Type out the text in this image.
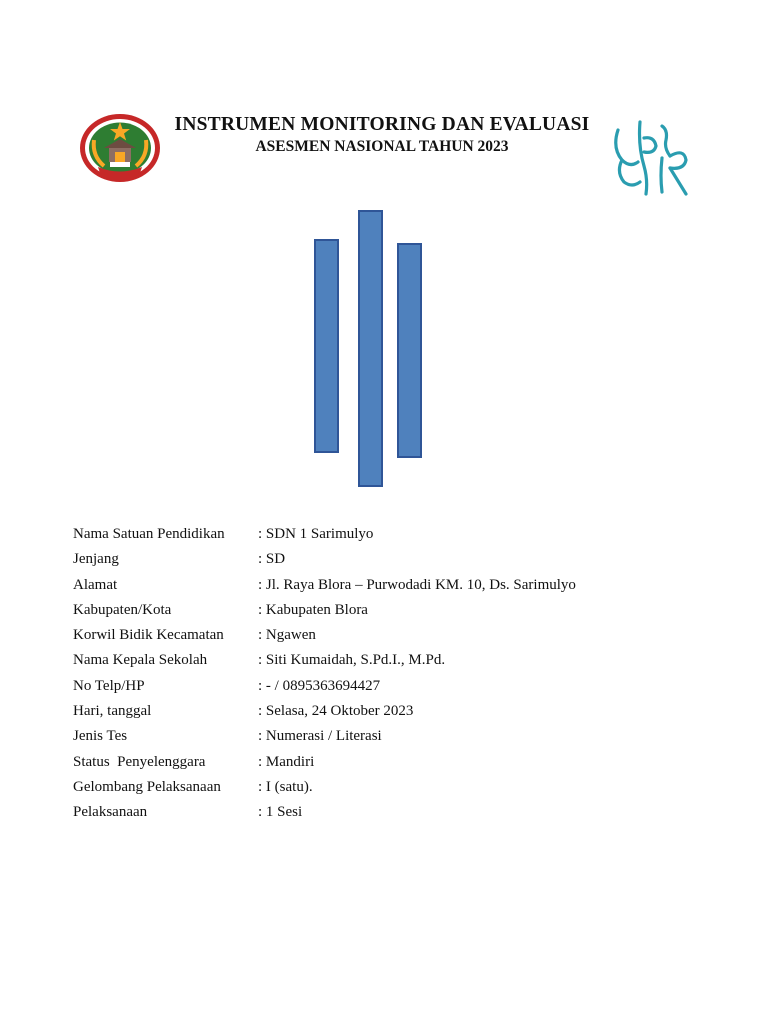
INSTRUMEN MONITORING DAN EVALUASI
ASESMEN NASIONAL TAHUN 2023
Nama Satuan Pendidikan : SDN 1 Sarimulyo
Jenjang	: SD
Alamat	: Jl. Raya Blora – Purwodadi KM. 10, Ds. Sarimulyo
Kabupaten/Kota	: Kabupaten Blora
Korwil Bidik Kecamatan : Ngawen
Nama Kepala Sekolah	: Siti Kumaidah, S.Pd.I., M.Pd.
No Telp/HP	: - / 0895363694427
Hari, tanggal	: Selasa, 24 Oktober 2023
Jenis Tes	: Numerasi / Literasi
Status  Penyelenggara	: Mandiri
Gelombang Pelaksanaan : I (satu).
Pelaksanaan	: 1 Sesi
